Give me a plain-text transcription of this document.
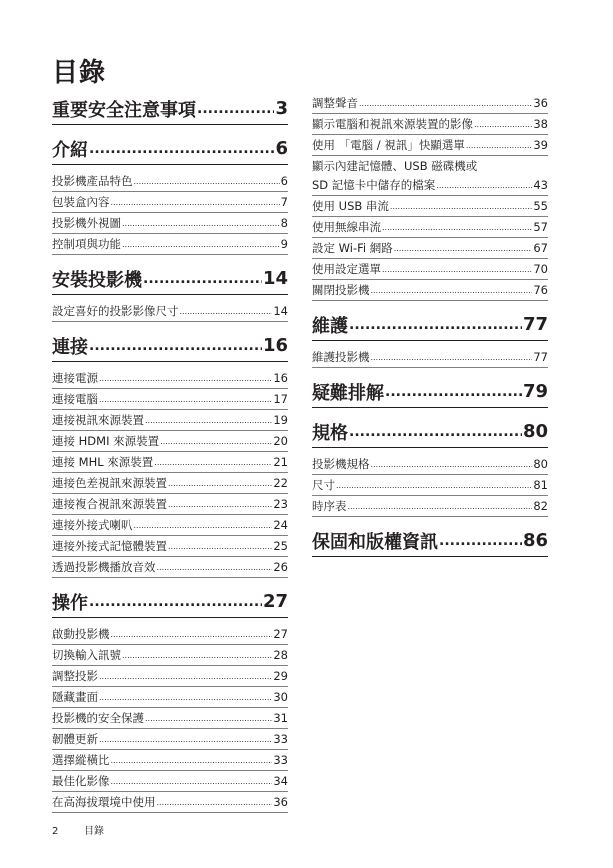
目錄
重要安全注意事項 .....	3
介紹 .....	6
投影機產品特色 .....	6
包裝盒內容 .....	7
投影機外視圖 .....	8
控制項與功能 .....	9
安裝投影機 .....	14
設定喜好的投影影像尺寸 .....	14
連接 .....	16
連接電源 .....	16
連接電腦 .....	17
連接視訊來源裝置 .....	19
連接 HDMI 來源裝置 .....	20
連接 MHL 來源裝置 .....	21
連接色差視訊來源裝置 .....	22
連接複合視訊來源裝置 .....	23
連接外接式喇叭 .....	24
連接外接式記憶體裝置 .....	25
透過投影機播放音效 .....	26
操作 .....	27
啟動投影機 .....	27
切換輸入訊號 .....	28
調整投影 .....	29
隱藏畫面 .....	30
投影機的安全保護 .....	31
韌體更新 .....	33
選擇縱橫比 .....	33
最佳化影像 .....	34
在高海拔環境中使用 .....	36
調整聲音 .....	36
顯示電腦和視訊來源裝置的影像 .....	38
使用 「電腦 / 視訊」快顯選單 .....	39
顯示內建記憶體、USB 磁碟機或
SD 記憶卡中儲存的檔案 .....	43
使用 USB 串流 .....	55
使用無線串流 .....	57
設定 Wi-Fi 網路 .....	67
使用設定選單 .....	70
關閉投影機 .....	76
維護 .....	77
維護投影機 .....	77
疑難排解 .....	79
規格 .....	80
投影機規格 .....	80
尺寸 .....	81
時序表 .....	82
保固和版權資訊 .....	86
2	目錄
